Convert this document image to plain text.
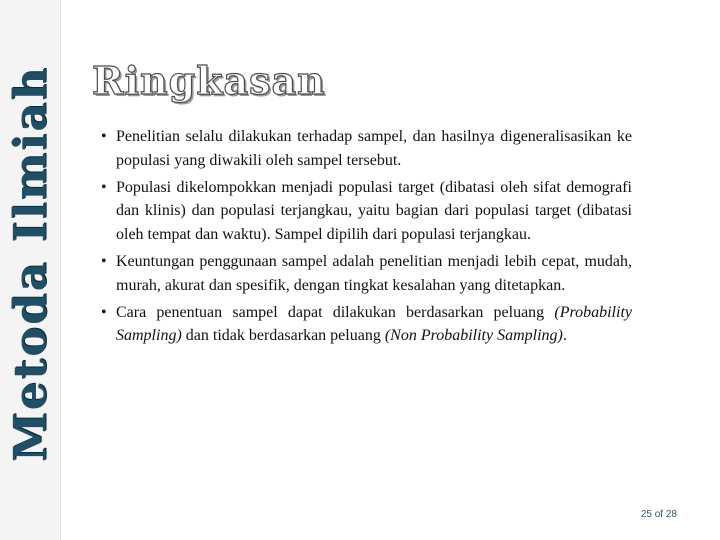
Metoda Ilmiah Ringkasan
• Penelitian selalu dilakukan terhadap sampel, dan hasilnya digeneralisasikan ke populasi yang diwakili oleh sampel tersebut.
• Populasi dikelompokkan menjadi populasi target (dibatasi oleh sifat demografi dan klinis) dan populasi terjangkau, yaitu bagian dari populasi target (dibatasi oleh tempat dan waktu). Sampel dipilih dari populasi terjangkau.
• Keuntungan penggunaan sampel adalah penelitian menjadi lebih cepat, mudah, murah, akurat dan spesifik, dengan tingkat kesalahan yang ditetapkan.
• Cara penentuan sampel dapat dilakukan berdasarkan peluang (Probability Sampling) dan tidak berdasarkan peluang (Non Probability Sampling).
25 of 28
